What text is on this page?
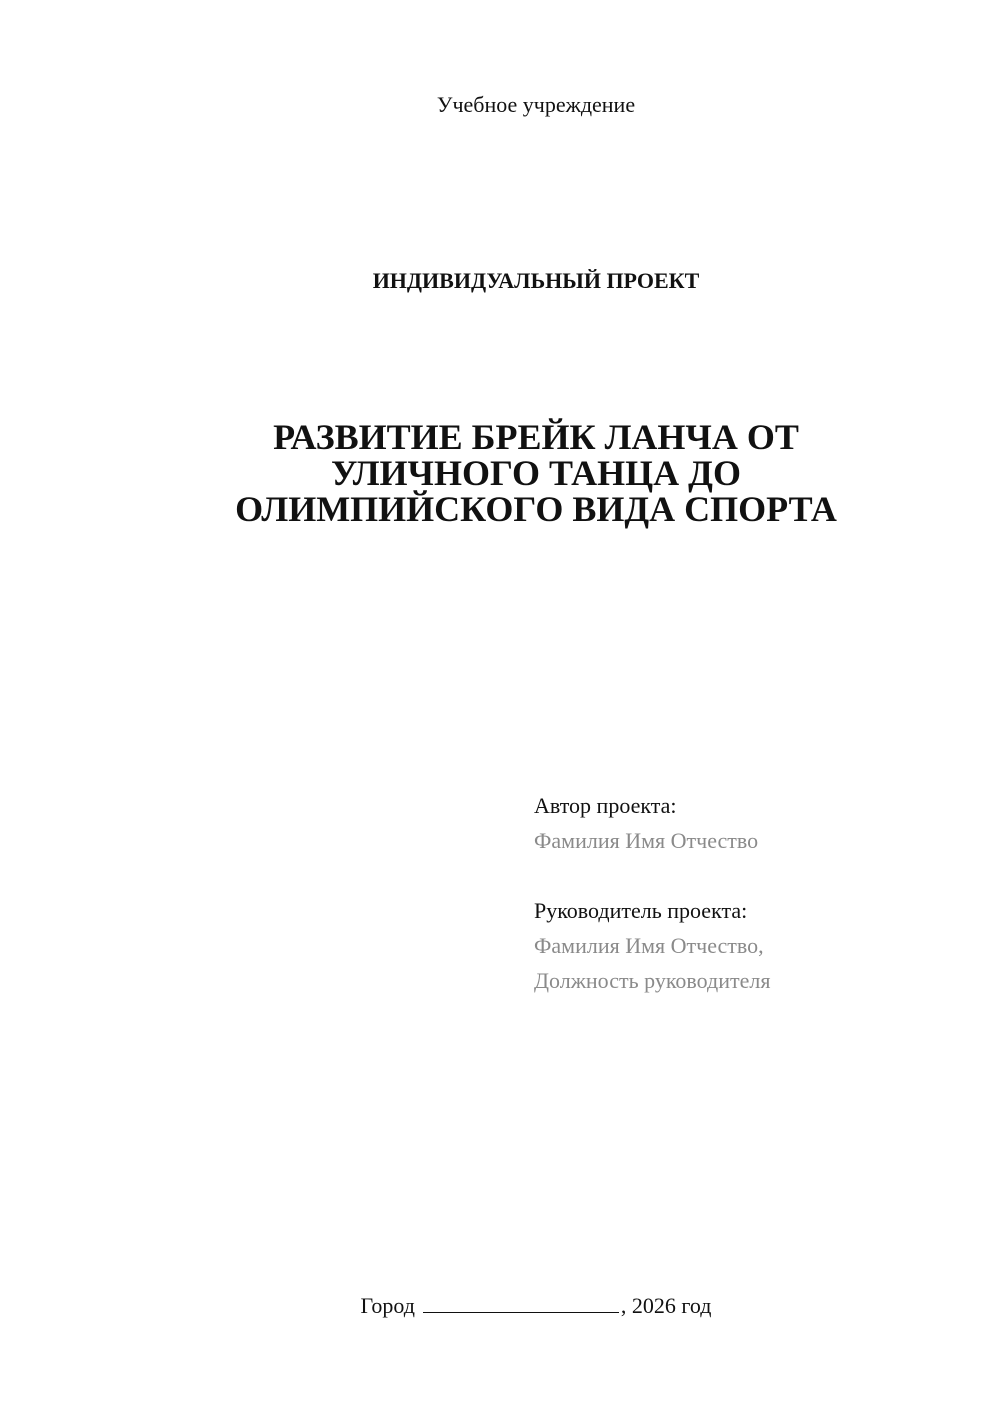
Учебное учреждение
ИНДИВИДУАЛЬНЫЙ ПРОЕКТ
РАЗВИТИЕ БРЕЙК ЛАНЧА ОТ
УЛИЧНОГО ТАНЦА ДО
ОЛИМПИЙСКОГО ВИДА СПОРТА
Автор проекта:
Фамилия Имя Отчество
Руководитель проекта:
Фамилия Имя Отчество,
Должность руководителя
Город	, 2026 год
